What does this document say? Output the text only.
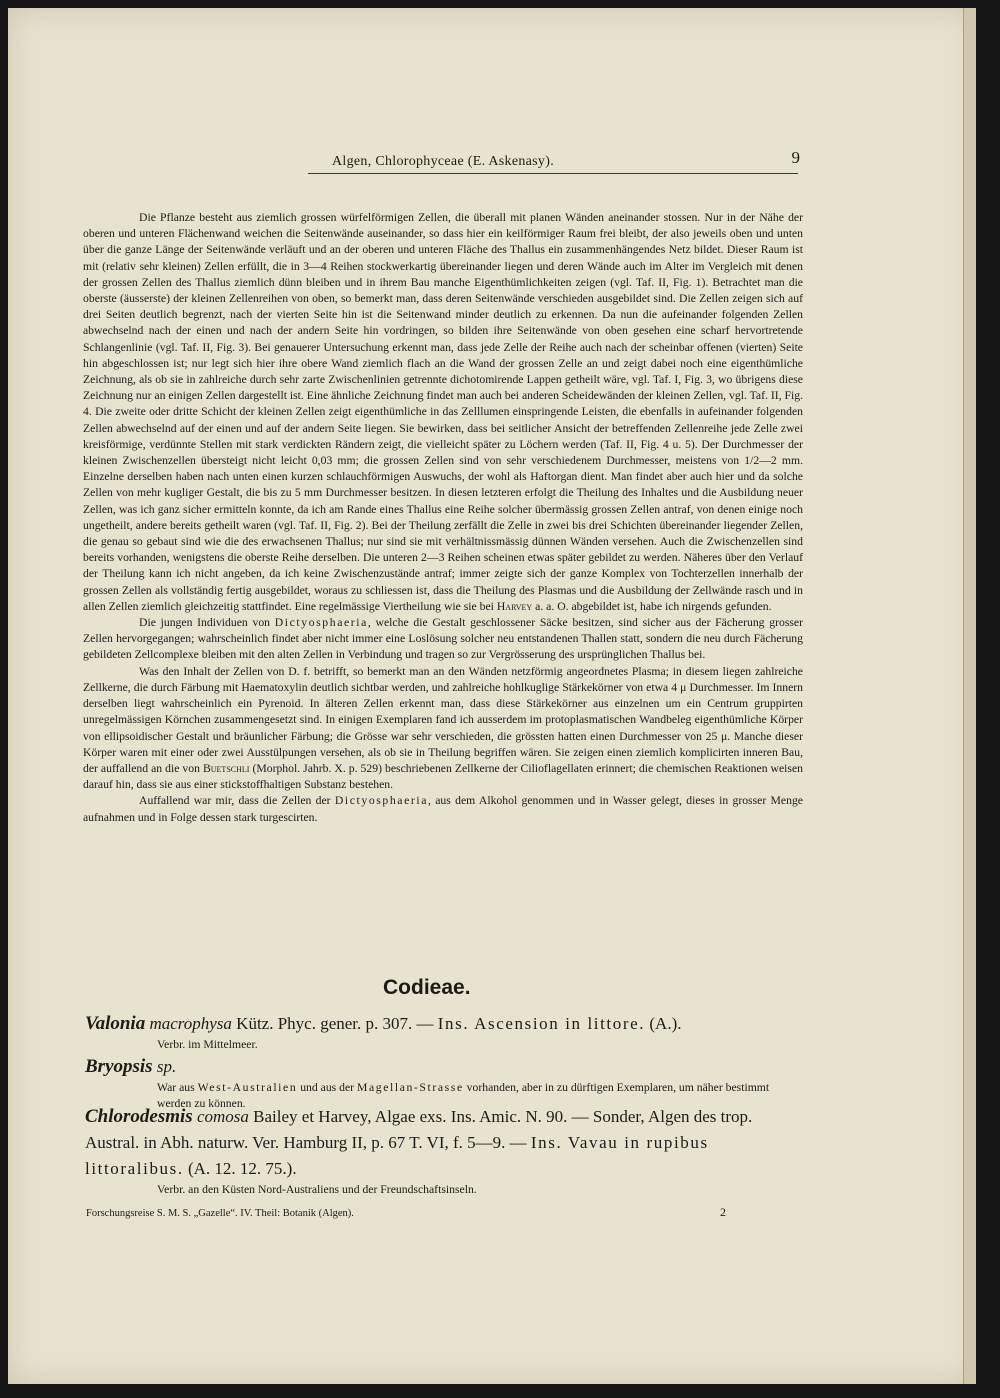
Algen, Chlorophyceae (E. Askenasy).	9

Die Pflanze besteht aus ziemlich grossen würfelförmigen Zellen, die überall mit planen Wänden aneinander stossen. Nur in der Nähe der oberen und unteren Flächenwand weichen die Seitenwände auseinander, so dass hier ein keilförmiger Raum frei bleibt, der also jeweils oben und unten über die ganze Länge der Seitenwände verläuft und an der oberen und unteren Fläche des Thallus ein zusammenhängendes Netz bildet. Dieser Raum ist mit (relativ sehr kleinen) Zellen erfüllt, die in 3—4 Reihen stockwerkartig übereinander liegen und deren Wände auch im Alter im Vergleich mit denen der grossen Zellen des Thallus ziemlich dünn bleiben und in ihrem Bau manche Eigenthümlichkeiten zeigen (vgl. Taf. II, Fig. 1). Betrachtet man die oberste (äusserste) der kleinen Zellenreihen von oben, so bemerkt man, dass deren Seitenwände verschieden ausgebildet sind. Die Zellen zeigen sich auf drei Seiten deutlich begrenzt, nach der vierten Seite hin ist die Seitenwand minder deutlich zu erkennen. Da nun die aufeinander folgenden Zellen abwechselnd nach der einen und nach der andern Seite hin vordringen, so bilden ihre Seitenwände von oben gesehen eine scharf hervortretende Schlangenlinie (vgl. Taf. II, Fig. 3). Bei genauerer Untersuchung erkennt man, dass jede Zelle der Reihe auch nach der scheinbar offenen (vierten) Seite hin abgeschlossen ist; nur legt sich hier ihre obere Wand ziemlich flach an die Wand der grossen Zelle an und zeigt dabei noch eine eigenthümliche Zeichnung, als ob sie in zahlreiche durch sehr zarte Zwischenlinien getrennte dichotomirende Lappen getheilt wäre, vgl. Taf. I, Fig. 3, wo übrigens diese Zeichnung nur an einigen Zellen dargestellt ist. Eine ähnliche Zeichnung findet man auch bei anderen Scheidewänden der kleinen Zellen, vgl. Taf. II, Fig. 4. Die zweite oder dritte Schicht der kleinen Zellen zeigt eigenthümliche in das Zelllumen einspringende Leisten, die ebenfalls in aufeinander folgenden Zellen abwechselnd auf der einen und auf der andern Seite liegen. Sie bewirken, dass bei seitlicher Ansicht der betreffenden Zellenreihe jede Zelle zwei kreisförmige, verdünnte Stellen mit stark verdickten Rändern zeigt, die vielleicht später zu Löchern werden (Taf. II, Fig. 4 u. 5). Der Durchmesser der kleinen Zwischenzellen übersteigt nicht leicht 0,03 mm; die grossen Zellen sind von sehr verschiedenem Durchmesser, meistens von 1/2—2 mm. Einzelne derselben haben nach unten einen kurzen schlauchförmigen Auswuchs, der wohl als Haftorgan dient. Man findet aber auch hier und da solche Zellen von mehr kugliger Gestalt, die bis zu 5 mm Durchmesser besitzen. In diesen letzteren erfolgt die Theilung des Inhaltes und die Ausbildung neuer Zellen, was ich ganz sicher ermitteln konnte, da ich am Rande eines Thallus eine Reihe solcher übermässig grossen Zellen antraf, von denen einige noch ungetheilt, andere bereits getheilt waren (vgl. Taf. II, Fig. 2). Bei der Theilung zerfällt die Zelle in zwei bis drei Schichten übereinander liegender Zellen, die genau so gebaut sind wie die des erwachsenen Thallus; nur sind sie mit verhältnissmässig dünnen Wänden versehen. Auch die Zwischenzellen sind bereits vorhanden, wenigstens die oberste Reihe derselben. Die unteren 2—3 Reihen scheinen etwas später gebildet zu werden. Näheres über den Verlauf der Theilung kann ich nicht angeben, da ich keine Zwischenzustände antraf; immer zeigte sich der ganze Komplex von Tochterzellen innerhalb der grossen Zellen als vollständig fertig ausgebildet, woraus zu schliessen ist, dass die Theilung des Plasmas und die Ausbildung der Zellwände rasch und in allen Zellen ziemlich gleichzeitig stattfindet. Eine regelmässige Viertheilung wie sie bei Harvey a. a. O. abgebildet ist, habe ich nirgends gefunden.

Die jungen Individuen von Dictyosphaeria, welche die Gestalt geschlossener Säcke besitzen, sind sicher aus der Fächerung grosser Zellen hervorgegangen; wahrscheinlich findet aber nicht immer eine Loslösung solcher neu entstandenen Thallen statt, sondern die neu durch Fächerung gebildeten Zellcomplexe bleiben mit den alten Zellen in Verbindung und tragen so zur Vergrösserung des ursprünglichen Thallus bei.

Was den Inhalt der Zellen von D. f. betrifft, so bemerkt man an den Wänden netzförmig angeordnetes Plasma; in diesem liegen zahlreiche Zellkerne, die durch Färbung mit Haematoxylin deutlich sichtbar werden, und zahlreiche hohlkuglige Stärkekörner von etwa 4 μ Durchmesser. Im Innern derselben liegt wahrscheinlich ein Pyrenoid. In älteren Zellen erkennt man, dass diese Stärkekörner aus einzelnen um ein Centrum gruppirten unregelmässigen Körnchen zusammengesetzt sind. In einigen Exemplaren fand ich ausserdem im protoplasmatischen Wandbeleg eigenthümliche Körper von ellipsoidischer Gestalt und bräunlicher Färbung; die Grösse war sehr verschieden, die grössten hatten einen Durchmesser von 25 μ. Manche dieser Körper waren mit einer oder zwei Ausstülpungen versehen, als ob sie in Theilung begriffen wären. Sie zeigen einen ziemlich komplicirten inneren Bau, der auffallend an die von Buetschli (Morphol. Jahrb. X. p. 529) beschriebenen Zellkerne der Cilioflagellaten erinnert; die chemischen Reaktionen weisen darauf hin, dass sie aus einer stickstoffhaltigen Substanz bestehen.

Auffallend war mir, dass die Zellen der Dictyosphaeria, aus dem Alkohol genommen und in Wasser gelegt, dieses in grosser Menge aufnahmen und in Folge dessen stark turgescirten.

Codieae.
Valonia macrophysa Kütz. Phyc. gener. p. 307. — Ins. Ascension in littore. (A.).
Verbr. im Mittelmeer.
Bryopsis sp.
War aus West-Australien und aus der Magellan-Strasse vorhanden, aber in zu dürftigen Exemplaren, um näher bestimmt werden zu können.
Chlorodesmis comosa Bailey et Harvey, Algae exs. Ins. Amic. N. 90. — Sonder, Algen des trop. Austral. in Abh. naturw. Ver. Hamburg II, p. 67 T. VI, f. 5—9. — Ins. Vavau in rupibus littoralibus. (A. 12. 12. 75.).
Verbr. an den Küsten Nord-Australiens und der Freundschaftsinseln.
Forschungsreise S. M. S. „Gazelle“. IV. Theil: Botanik (Algen).	2
